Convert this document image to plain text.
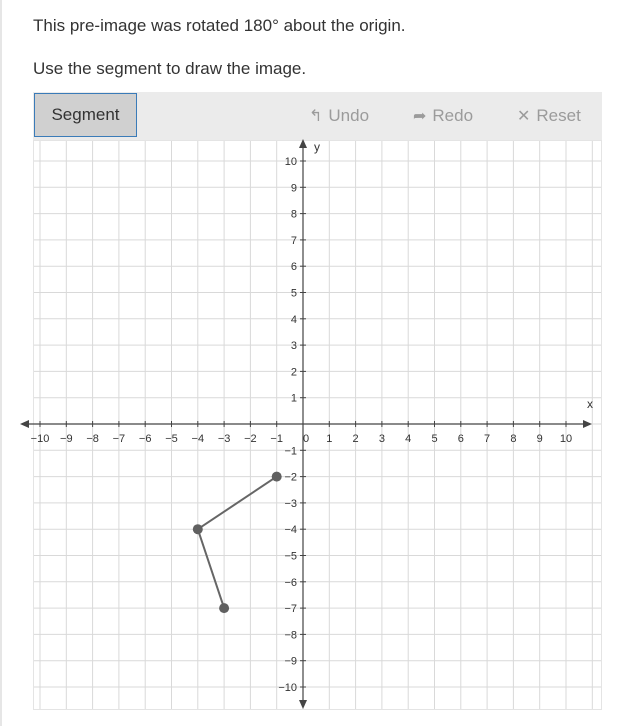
This pre-image was rotated 180° about the origin.
Use the segment to draw the image.
Segment	↰ Undo	➦ Redo	✕ Reset
x
y
−10 −9 −8 −7 −6 −5 −4 −3 −2 −1	1 2 3 4 5 6 7 8 9 10
10
9
8
7
6
5
4
3
2
1
−1
−2
−3
−4
−5
−6
−7
−8
−9
−10
0
